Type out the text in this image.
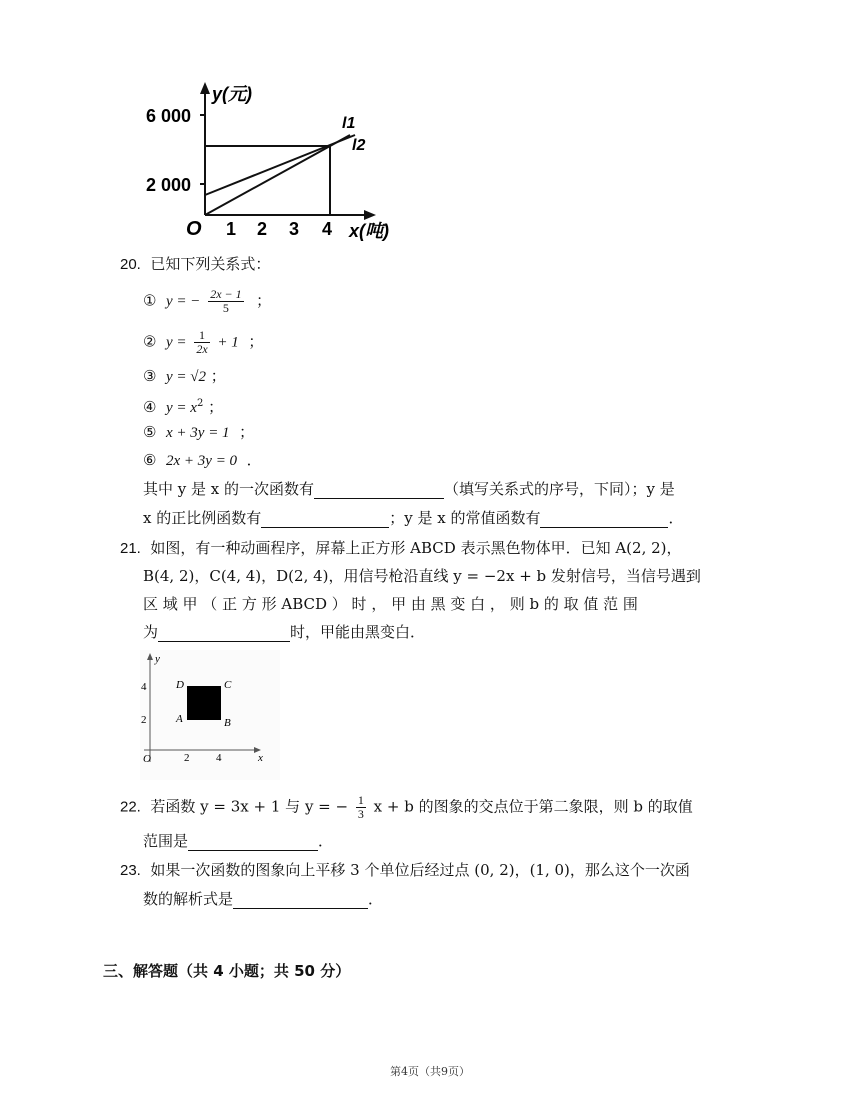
y(元)
6 000
2 000
O 1 2 3 4 x(吨)
l1
l2
20. 已知下列关系式：
① y = − $\frac{2x - 1}{5}$ ；
② $y = \frac{1}{2x} + 1$ ；
③ y = √2 ；
④ $y = x^2$ ；
⑤ x + 3y = 1 ；
⑥ 2x + 3y = 0 ．
其中 y 是 x 的一次函数有	（填写关系式的序号，下同）；y 是
x 的正比例函数有	；y 是 x 的常值函数有	．
21. 如图，有一种动画程序，屏幕上正方形 ABCD 表示黑色物体甲．已知 A(2, 2)，
B(4, 2)，C(4, 4)，D(2, 4)，用信号枪沿直线 y = −2x + b 发射信号，当信号遇到
区 域 甲 （ 正 方 形 ABCD ） 时 ， 甲 由 黑 变 白 ， 则 b 的 取 值 范 围
为	时，甲能由黑变白．
y
4
2
O	2 4	x
D	C
A	B
22. 若函数 y = 3x + 1 与 y = − $\frac{1}{3}$ x + b 的图象的交点位于第二象限，则 b 的取值
范围是	．
23. 如果一次函数的图象向上平移 3 个单位后经过点 (0, 2)，(1, 0)，那么这个一次函
数的解析式是	．
三、解答题（共 4 小题；共 50 分）
第4页（共9页）
